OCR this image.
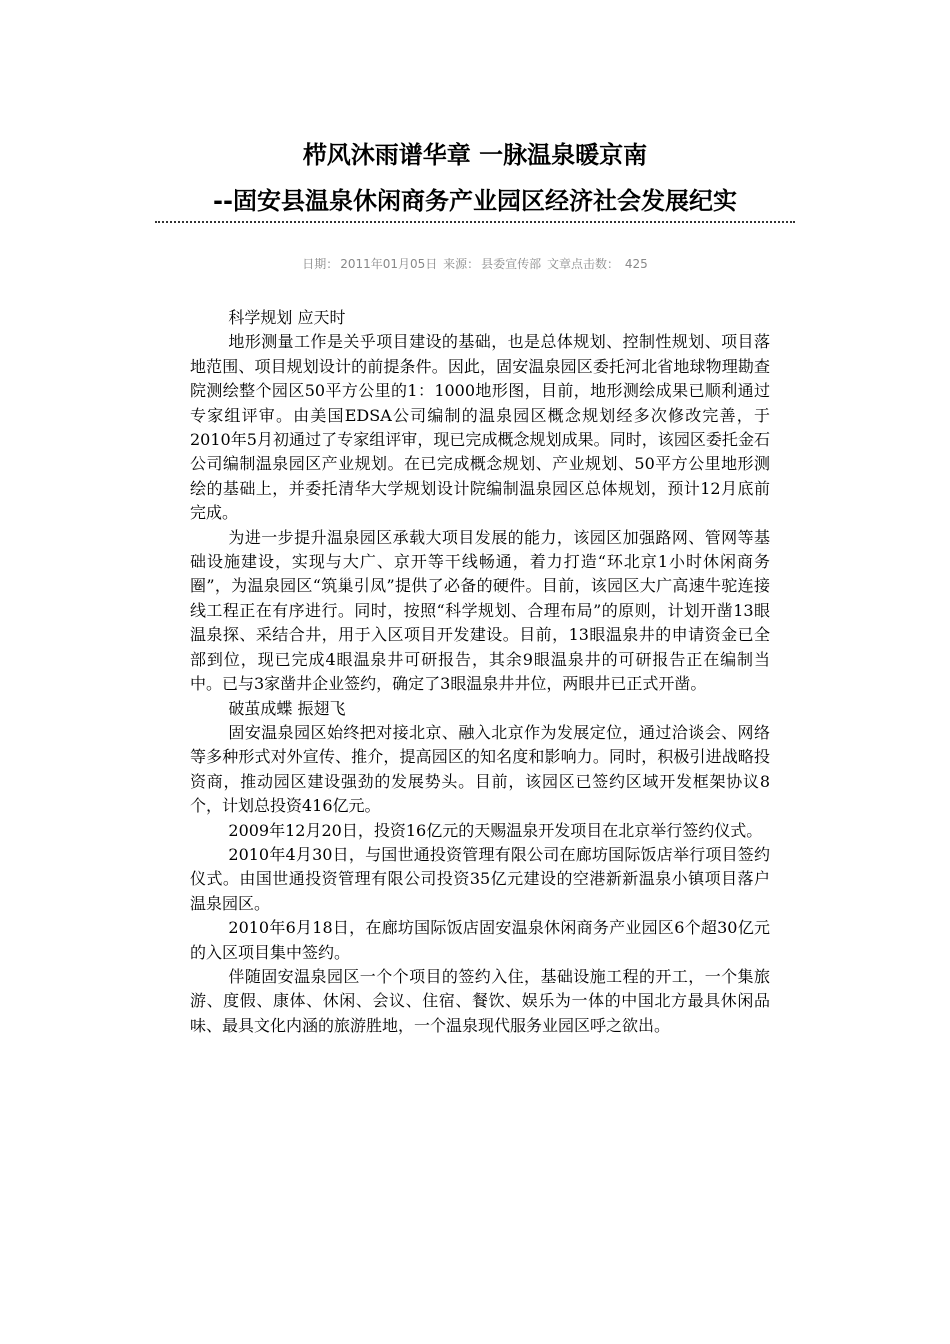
栉风沐雨谱华章 一脉温泉暖京南
--固安县温泉休闲商务产业园区经济社会发展纪实
日期： 2011年01月05日 来源： 县委宣传部 文章点击数： 425

科学规划 应天时

地形测量工作是关乎项目建设的基础，也是总体规划、控制性规划、项目落地范围、项目规划设计的前提条件。因此，固安温泉园区委托河北省地球物理勘查院测绘整个园区50平方公里的1：1000地形图，目前，地形测绘成果已顺利通过专家组评审。由美国EDSA公司编制的温泉园区概念规划经多次修改完善，于2010年5月初通过了专家组评审，现已完成概念规划成果。同时，该园区委托金石公司编制温泉园区产业规划。在已完成概念规划、产业规划、50平方公里地形测绘的基础上，并委托清华大学规划设计院编制温泉园区总体规划，预计12月底前完成。

为进一步提升温泉园区承载大项目发展的能力，该园区加强路网、管网等基础设施建设，实现与大广、京开等干线畅通，着力打造“环北京1小时休闲商务圈”，为温泉园区“筑巢引凤”提供了必备的硬件。目前，该园区大广高速牛驼连接线工程正在有序进行。同时，按照“科学规划、合理布局”的原则，计划开凿13眼温泉探、采结合井，用于入区项目开发建设。目前，13眼温泉井的申请资金已全部到位，现已完成4眼温泉井可研报告，其余9眼温泉井的可研报告正在编制当中。已与3家凿井企业签约，确定了3眼温泉井井位，两眼井已正式开凿。

破茧成蝶 振翅飞

固安温泉园区始终把对接北京、融入北京作为发展定位，通过洽谈会、网络等多种形式对外宣传、推介，提高园区的知名度和影响力。同时，积极引进战略投资商，推动园区建设强劲的发展势头。目前，该园区已签约区域开发框架协议8个，计划总投资416亿元。

2009年12月20日，投资16亿元的天赐温泉开发项目在北京举行签约仪式。

2010年4月30日，与国世通投资管理有限公司在廊坊国际饭店举行项目签约仪式。由国世通投资管理有限公司投资35亿元建设的空港新新温泉小镇项目落户温泉园区。

2010年6月18日，在廊坊国际饭店固安温泉休闲商务产业园区6个超30亿元的入区项目集中签约。

伴随固安温泉园区一个个项目的签约入住，基础设施工程的开工，一个集旅游、度假、康体、休闲、会议、住宿、餐饮、娱乐为一体的中国北方最具休闲品味、最具文化内涵的旅游胜地，一个温泉现代服务业园区呼之欲出。
